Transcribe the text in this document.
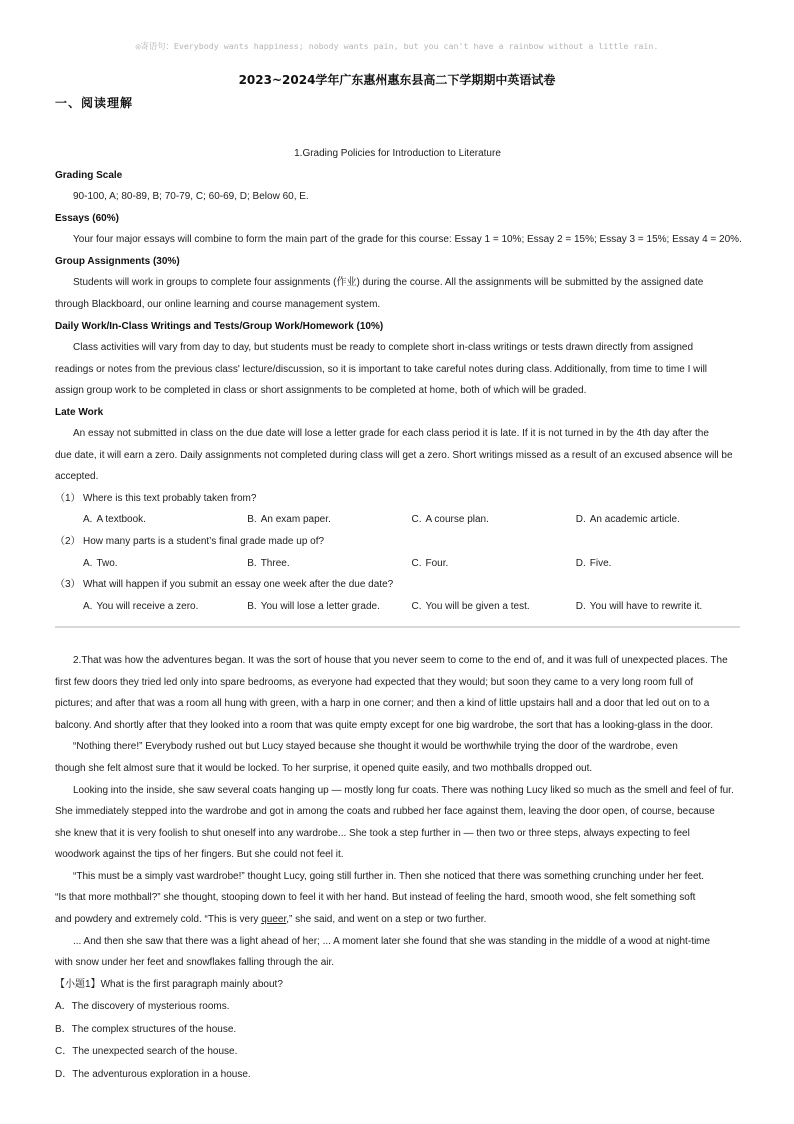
◎寄语句：Everybody wants happiness; nobody wants pain, but you can't have a rainbow without a little rain.
2023~2024学年广东惠州惠东县高二下学期期中英语试卷
一、阅读理解
1.Grading Policies for Introduction to Literature
Grading Scale
90-100, A; 80-89, B; 70-79, C; 60-69, D; Below 60, E.
Essays (60%)
Your four major essays will combine to form the main part of the grade for this course: Essay 1 = 10%; Essay 2 = 15%; Essay 3 = 15%; Essay 4 = 20%.
Group Assignments (30%)
Students will work in groups to complete four assignments (作业) during the course. All the assignments will be submitted by the assigned date
through Blackboard, our online learning and course management system.
Daily Work/In-Class Writings and Tests/Group Work/Homework (10%)
Class activities will vary from day to day, but students must be ready to complete short in-class writings or tests drawn directly from assigned
readings or notes from the previous class' lecture/discussion, so it is important to take careful notes during class. Additionally, from time to time I will
assign group work to be completed in class or short assignments to be completed at home, both of which will be graded.
Late Work
An essay not submitted in class on the due date will lose a letter grade for each class period it is late. If it is not turned in by the 4th day after the
due date, it will earn a zero. Daily assignments not completed during class will get a zero. Short writings missed as a result of an excused absence will be
accepted.
（1） Where is this text probably taken from?
A. A textbook.	B. An exam paper.	C. A course plan.	D. An academic article.
（2） How many parts is a student’s final grade made up of?
A. Two.	B. Three.	C. Four.	D. Five.
（3） What will happen if you submit an essay one week after the due date?
A. You will receive a zero.	B. You will lose a letter grade.	C. You will be given a test.	D. You will have to rewrite it.
2.That was how the adventures began. It was the sort of house that you never seem to come to the end of, and it was full of unexpected places. The
first few doors they tried led only into spare bedrooms, as everyone had expected that they would; but soon they came to a very long room full of
pictures; and after that was a room all hung with green, with a harp in one corner; and then a kind of little upstairs hall and a door that led out on to a
balcony. And shortly after that they looked into a room that was quite empty except for one big wardrobe, the sort that has a looking-glass in the door.
“Nothing there!” Everybody rushed out but Lucy stayed because she thought it would be worthwhile trying the door of the wardrobe, even
though she felt almost sure that it would be locked. To her surprise, it opened quite easily, and two mothballs dropped out.
Looking into the inside, she saw several coats hanging up — mostly long fur coats. There was nothing Lucy liked so much as the smell and feel of fur.
She immediately stepped into the wardrobe and got in among the coats and rubbed her face against them, leaving the door open, of course, because
she knew that it is very foolish to shut oneself into any wardrobe... She took a step further in — then two or three steps, always expecting to feel
woodwork against the tips of her fingers. But she could not feel it.
“This must be a simply vast wardrobe!” thought Lucy, going still further in. Then she noticed that there was something crunching under her feet.
“Is that more mothball?” she thought, stooping down to feel it with her hand. But instead of feeling the hard, smooth wood, she felt something soft
and powdery and extremely cold. “This is very queer,” she said, and went on a step or two further.
... And then she saw that there was a light ahead of her; ... A moment later she found that she was standing in the middle of a wood at night-time
with snow under her feet and snowflakes falling through the air.
【小题1】What is the first paragraph mainly about?
A．The discovery of mysterious rooms.
B．The complex structures of the house.
C．The unexpected search of the house.
D．The adventurous exploration in a house.
